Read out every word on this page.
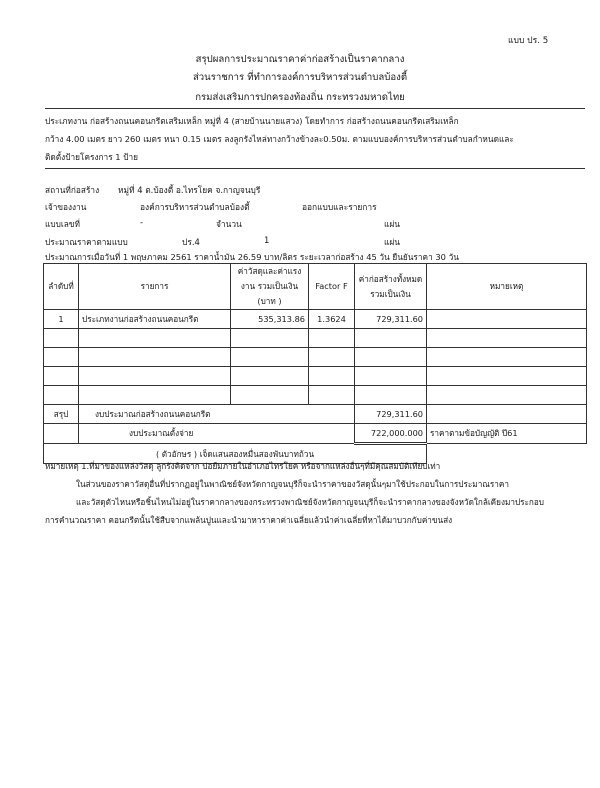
แบบ ปร. 5
สรุปผลการประมาณราคาค่าก่อสร้างเป็นราคากลาง
ส่วนราชการ ที่ทำการองค์การบริหารส่วนตำบลบ้องตี้
กรมส่งเสริมการปกครองท้องถิ่น กระทรวงมหาดไทย
ประเภทงาน ก่อสร้างถนนคอนกรีตเสริมเหล็ก หมู่ที่ 4 (สายบ้านนายแสวง) โดยทำการ ก่อสร้างถนนคอนกรีตเสริมเหล็ก
กว้าง 4.00 เมตร ยาว 260 เมตร หนา 0.15 เมตร ลงลูกรังไหล่ทางกว้างข้างละ0.50ม. ตามแบบองค์การบริหารส่วนตำบลกำหนดและ
ติดตั้งป้ายโครงการ 1 ป้าย
สถานที่ก่อสร้าง หมู่ที่ 4 ต.บ้องตี้ อ.ไทรโยค จ.กาญจนบุรี
เจ้าของงาน	องค์การบริหารส่วนตำบลบ้องตี้	ออกแบบและรายการ
แบบเลขที่	-	จำนวน	แผ่น
ประมาณราคาตามแบบ	ปร.4	1	แผ่น
ประมาณการเมื่อวันที่ 1 พฤษภาคม 2561 ราคาน้ำมัน 26.59 บาท/ลิตร ระยะเวลาก่อสร้าง 45 วัน ยืนยันราคา 30 วัน
ลำดับที่	รายการ	ค่าวัสดุและค่าแรงงาน รวมเป็นเงิน (บาท )	Factor F	ค่าก่อสร้างทั้งหมด รวมเป็นเงิน	หมายเหตุ
1	ประเภทงานก่อสร้างถนนคอนกรีต	535,313.86	1.3624	729,311.60	

สรุป	งบประมาณก่อสร้างถนนคอนกรีต			729,311.60	
	งบประมาณตั้งจ่าย			722,000.000	ราคาตามข้อบัญญัติ ปี61
( ตัวอักษร ) เจ็ดแสนสองหมื่นสองพันบาทถ้วน					
หมายเหตุ 1.ที่มาของแหล่งวัสดุ ลูกรังคิดจาก บ่อยืมภายในอำเภอไทรโยค หรือจากแหล่งอื่นๆที่มีคุณสมบัติเทียบเท่า
ในส่วนของราคาวัสดุอื่นที่ปรากฏอยู่ในพาณิชย์จังหวัดกาญจนบุรีก็จะนำราคาของวัสดุนั้นๆมาใช้ประกอบในการประมาณราคา
และวัสดุตัวไหนหรือชิ้นไหนไม่อยู่ในราคากลางของกระทรวงพาณิชย์จังหวัดกาญจนบุรีก็จะนำราคากลางของจังหวัดใกล้เคียงมาประกอบ
การคำนวณราคา คอนกรีตนั้นใช้สืบจากแพล้นปูนและนำมาหาราคาค่าเฉลี่ยแล้วนำค่าเฉลี่ยที่หาได้มาบวกกับค่าขนส่ง
